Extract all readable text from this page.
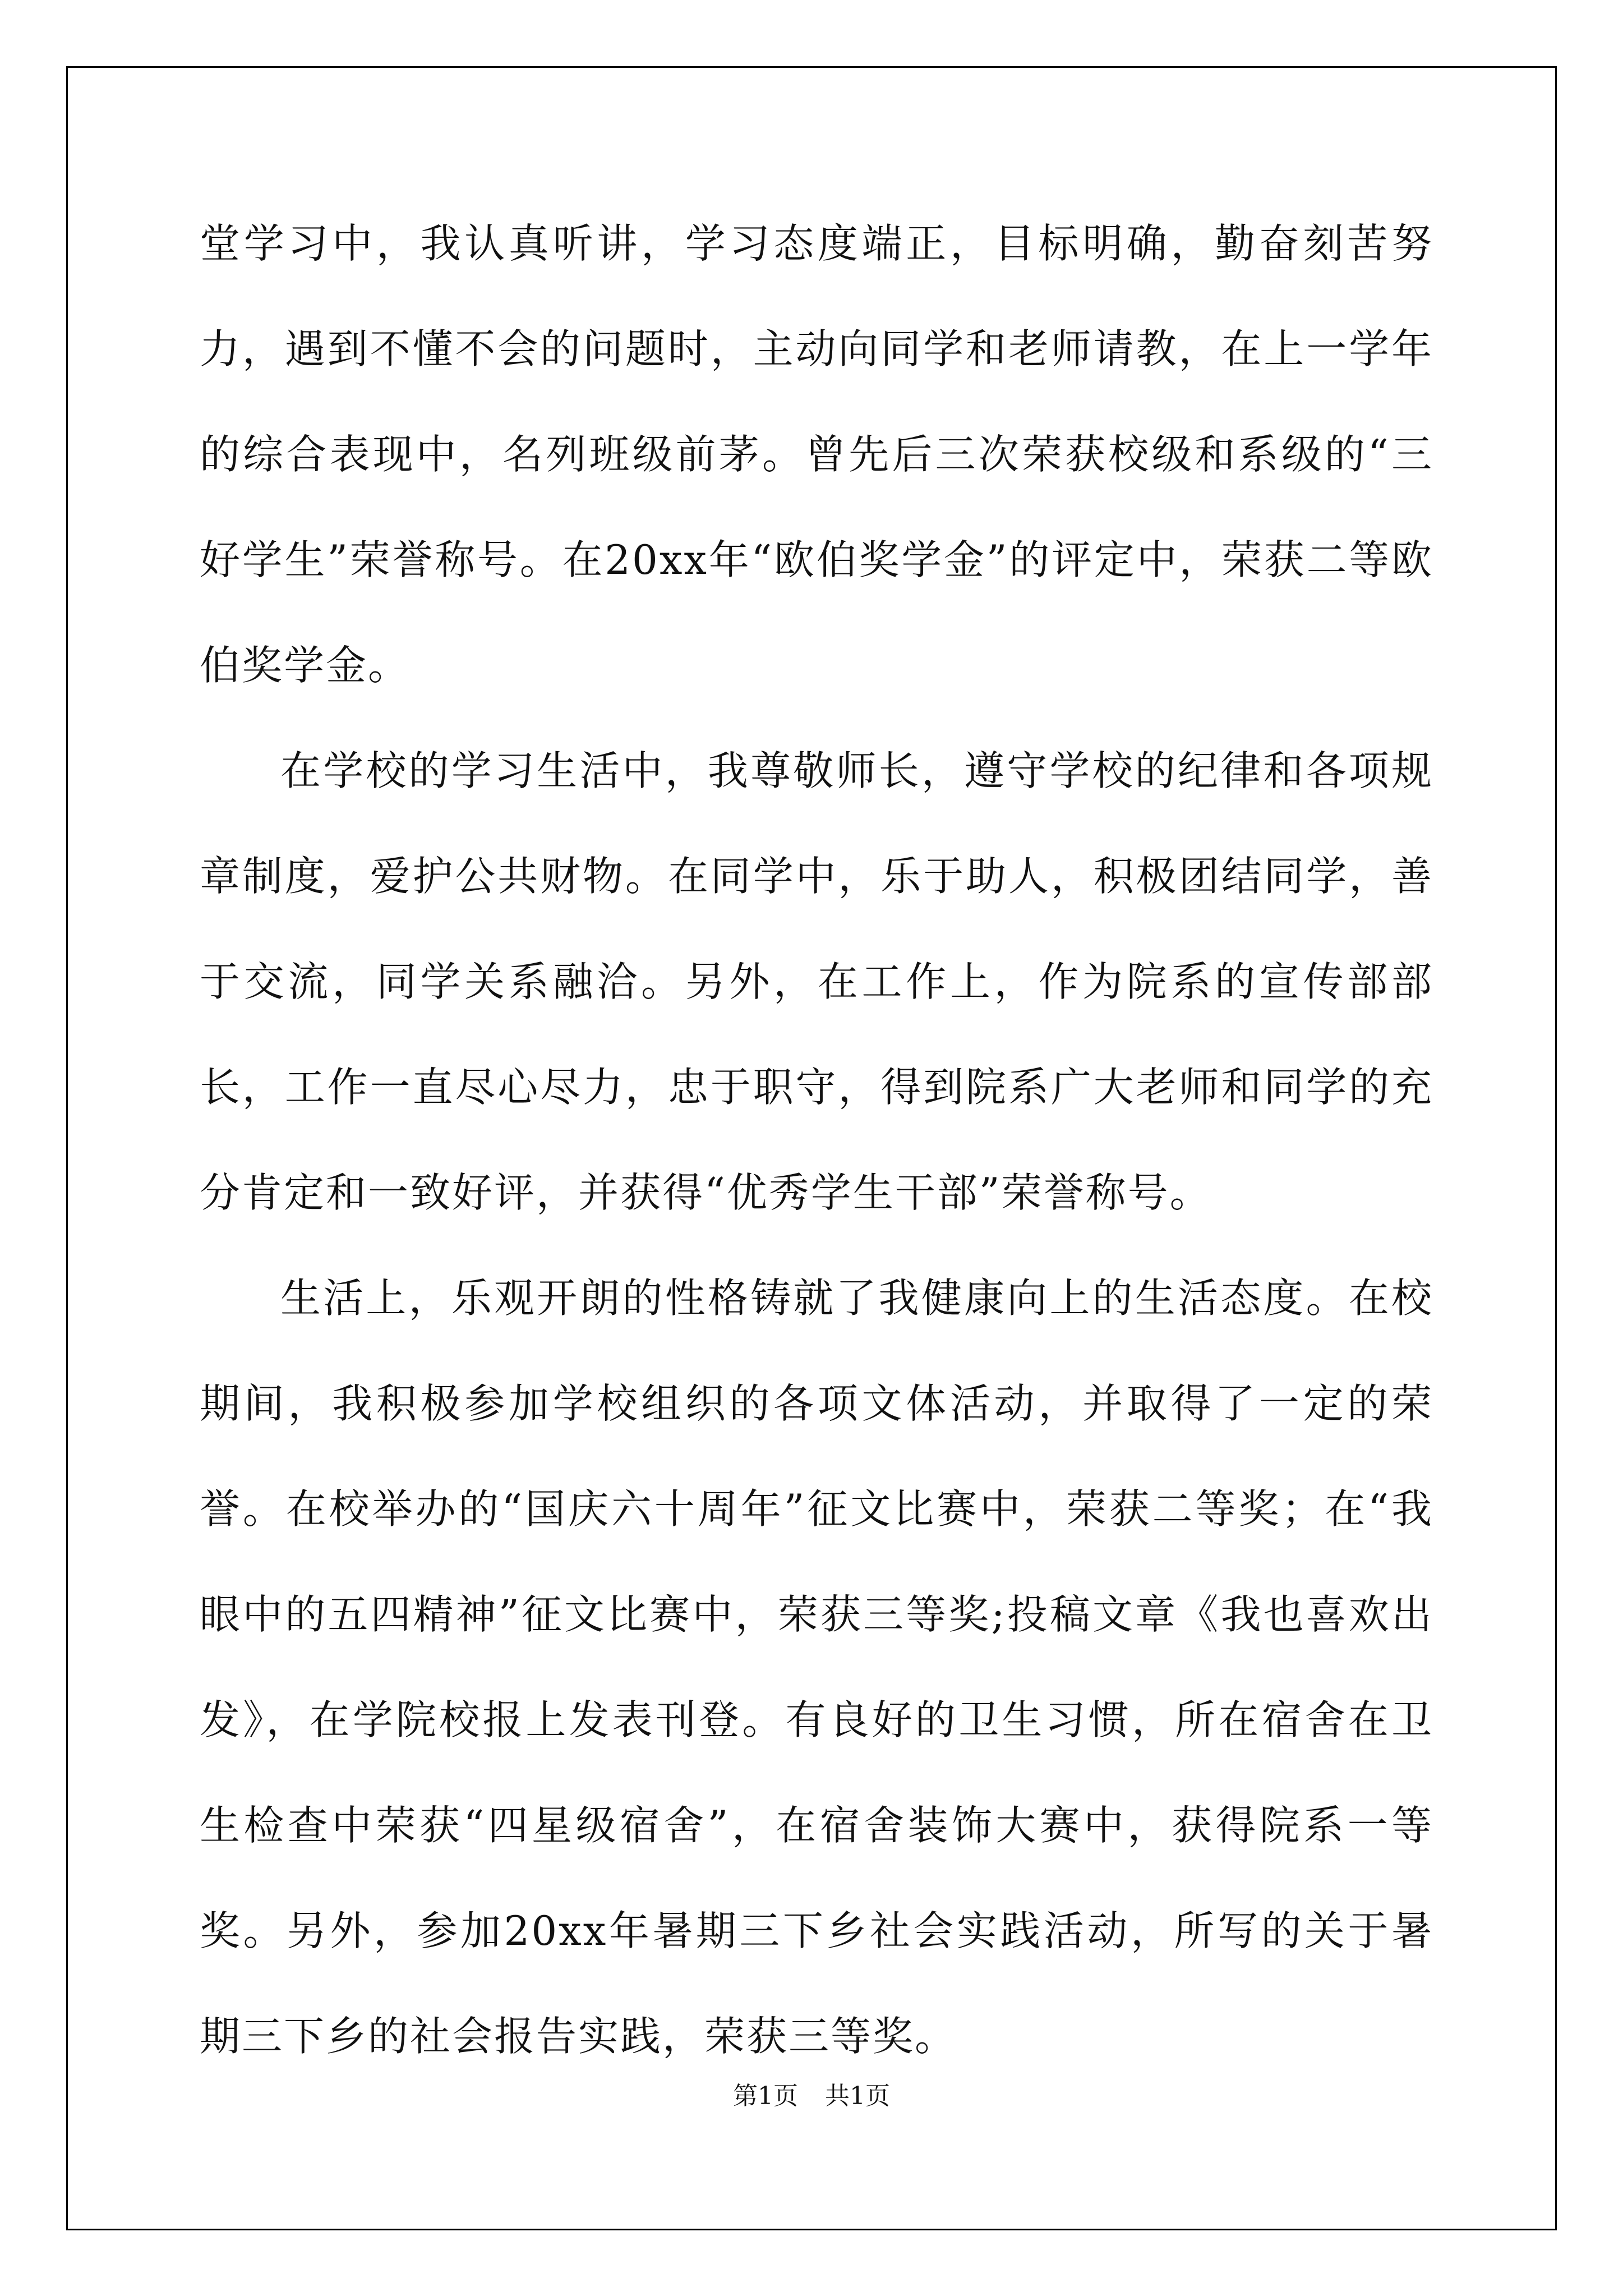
堂学习中，我认真听讲，学习态度端正，目标明确，勤奋刻苦努力，遇到不懂不会的问题时，主动向同学和老师请教，在上一学年的综合表现中，名列班级前茅。曾先后三次荣获校级和系级的“三好学生”荣誉称号。在20xx年“欧伯奖学金”的评定中，荣获二等欧伯奖学金。

在学校的学习生活中，我尊敬师长，遵守学校的纪律和各项规章制度，爱护公共财物。在同学中，乐于助人，积极团结同学，善于交流，同学关系融洽。另外，在工作上，作为院系的宣传部部长，工作一直尽心尽力，忠于职守，得到院系广大老师和同学的充分肯定和一致好评，并获得“优秀学生干部”荣誉称号。

生活上，乐观开朗的性格铸就了我健康向上的生活态度。在校期间，我积极参加学校组织的各项文体活动，并取得了一定的荣誉。在校举办的“国庆六十周年”征文比赛中，荣获二等奖；在“我眼中的五四精神”征文比赛中，荣获三等奖;投稿文章《我也喜欢出发》，在学院校报上发表刊登。有良好的卫生习惯，所在宿舍在卫生检查中荣获“四星级宿舍”，在宿舍装饰大赛中，获得院系一等奖。另外，参加20xx年暑期三下乡社会实践活动，所写的关于暑期三下乡的社会报告实践，荣获三等奖。

第1页 共1页
